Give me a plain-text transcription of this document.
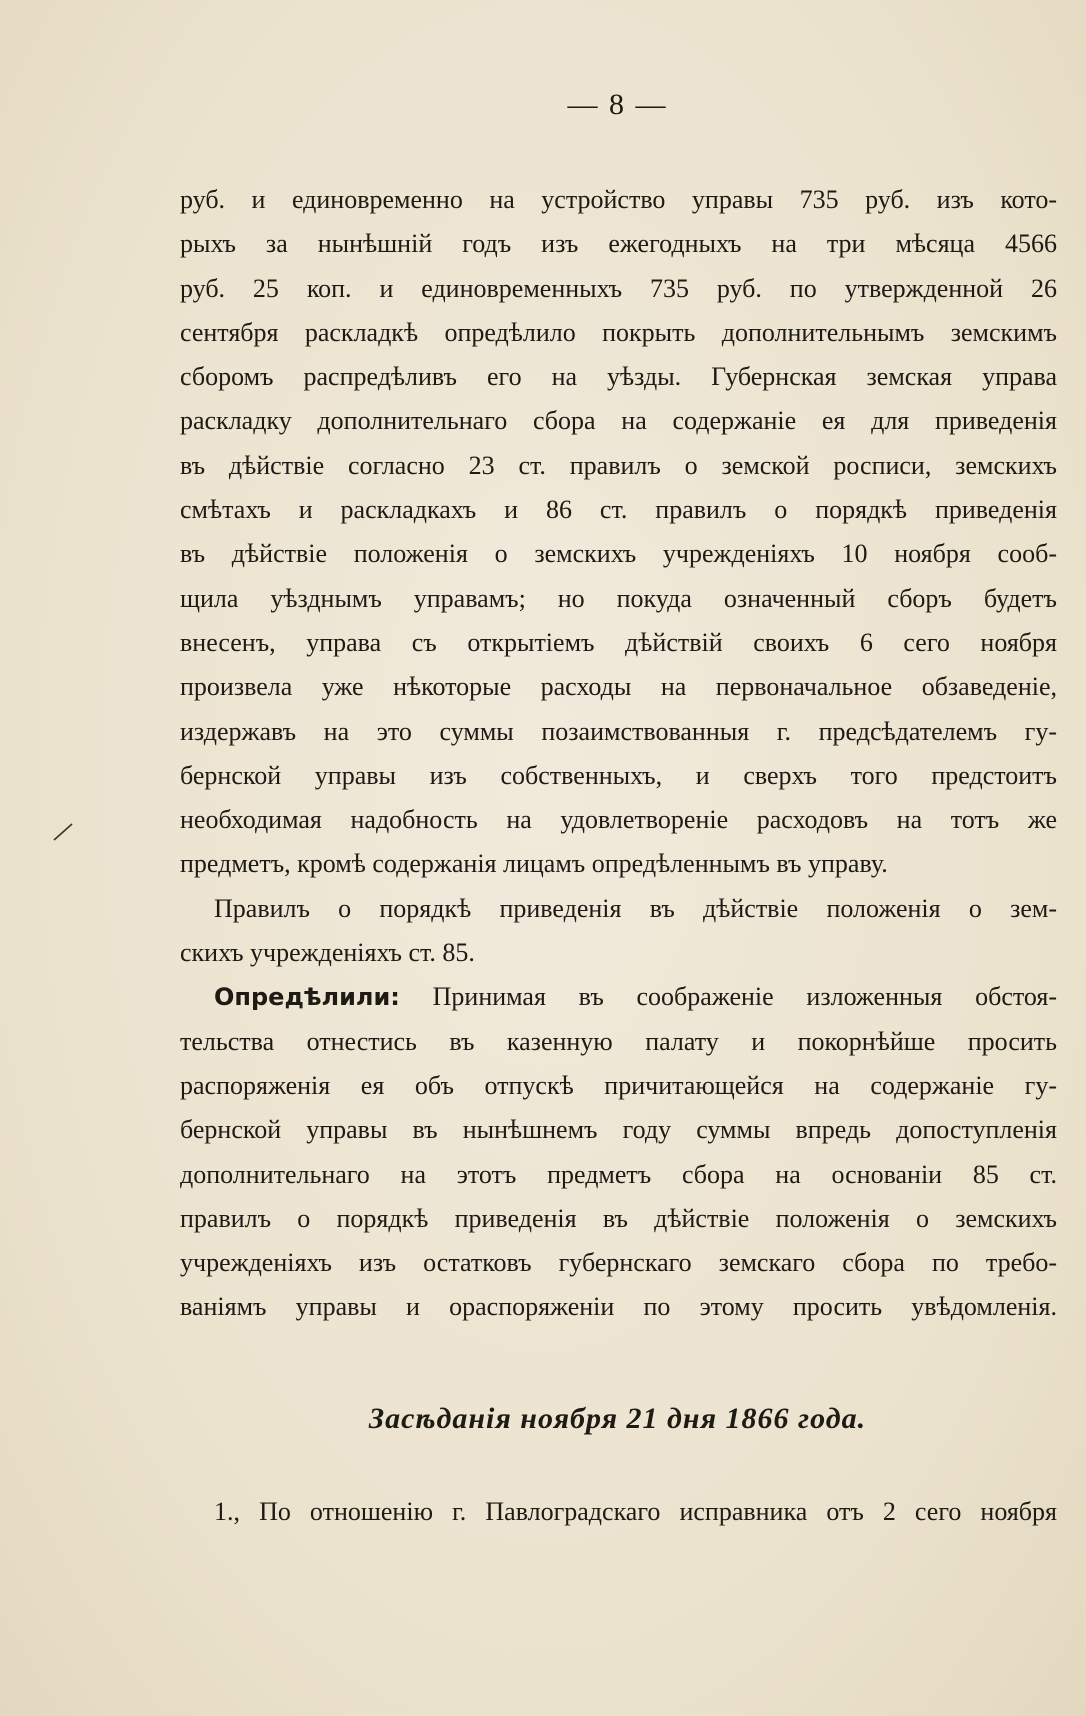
— 8 —
руб. и единовременно на устройство управы 735 руб. изъ кото-
рыхъ за нынѣшній годъ изъ ежегодныхъ на три мѣсяца 4566
руб. 25 коп. и единовременныхъ 735 руб. по утвержденной 26
сентября раскладкѣ опредѣлило покрыть дополнительнымъ земскимъ
сборомъ распредѣливъ его на уѣзды. Губернская земская управа
раскладку дополнительнаго сбора на содержаніе ея для приведенія
въ дѣйствіе согласно 23 ст. правилъ о земской росписи, земскихъ
смѣтахъ и раскладкахъ и 86 ст. правилъ о порядкѣ приведенія
въ дѣйствіе положенія о земскихъ учрежденіяхъ 10 ноября сооб-
щила уѣзднымъ управамъ; но покуда означенный сборъ будетъ
внесенъ, управа съ открытіемъ дѣйствій своихъ 6 сего ноября
произвела уже нѣкоторые расходы на первоначальное обзаведеніе,
издержавъ на это суммы позаимствованныя г. предсѣдателемъ гу-
бернской управы изъ собственныхъ, и сверхъ того предстоитъ
необходимая надобность на удовлетвореніе расходовъ на тотъ же
предметъ, кромѣ содержанія лицамъ опредѣленнымъ въ управу.
Правилъ о порядкѣ приведенія въ дѣйствіе положенія о зем-
скихъ учрежденіяхъ ст. 85.
Опредѣлили: Принимая въ соображеніе изложенныя обстоя-
тельства отнестись въ казенную палату и покорнѣйше просить
распоряженія ея объ отпускѣ причитающейся на содержаніе гу-
бернской управы въ нынѣшнемъ году суммы впредь допоступленія
дополнительнаго на этотъ предметъ сбора на основаніи 85 ст.
правилъ о порядкѣ приведенія въ дѣйствіе положенія о земскихъ
учрежденіяхъ изъ остатковъ губернскаго земскаго сбора по требо-
ваніямъ управы и ораспоряженіи по этому просить увѣдомленія.
Засѣданія ноября 21 дня 1866 года.
1., По отношенію г. Павлоградскаго исправника отъ 2 сего ноября
